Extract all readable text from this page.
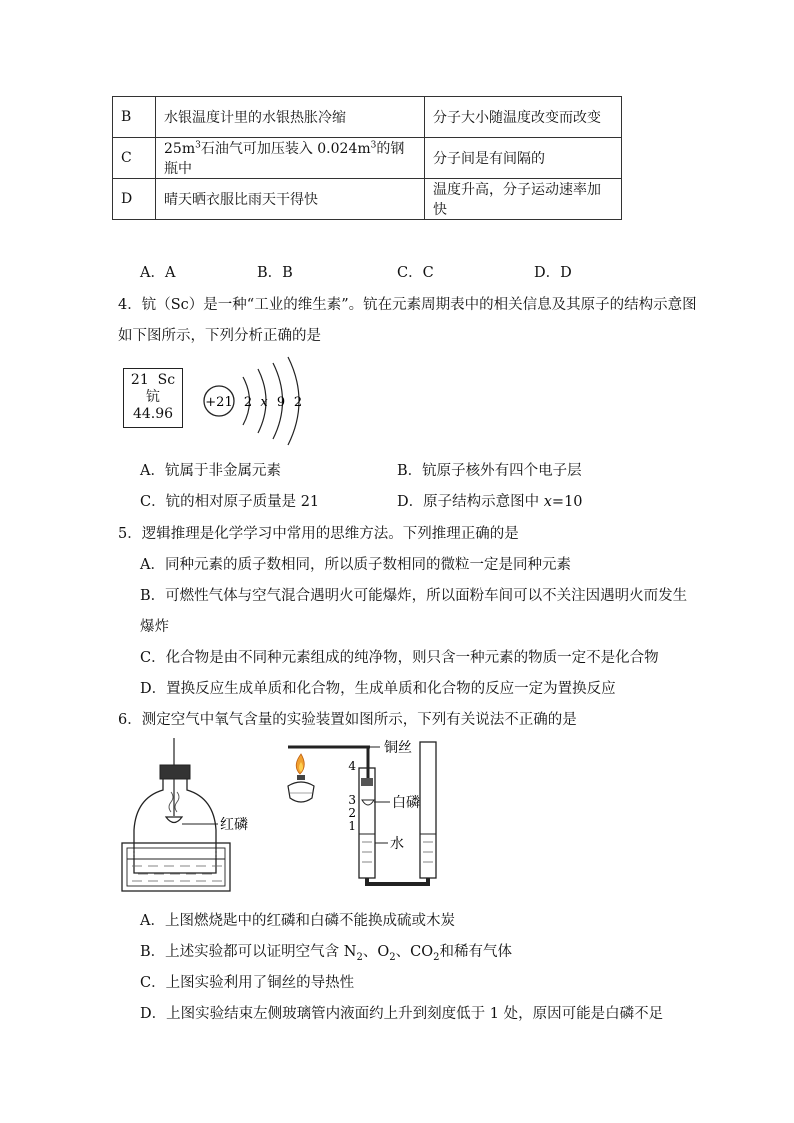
B	水银温度计里的水银热胀冷缩	分子大小随温度改变而改变
C	$25m^3$石油气可加压装入 $0.024m^3$的钢瓶中	分子间是有间隔的
D	晴天晒衣服比雨天干得快	温度升高，分子运动速率加快
A．A	B．B	C．C	D．D
4．钪（Sc）是一种“工业的维生素”。钪在元素周期表中的相关信息及其原子的结构示意图
如下图所示，下列分析正确的是
21 Sc
钪
44.96
+21 2 x 9 2
A．钪属于非金属元素	B．钪原子核外有四个电子层
C．钪的相对原子质量是 21	D．原子结构示意图中 x=10
5．逻辑推理是化学学习中常用的思维方法。下列推理正确的是
A．同种元素的质子数相同，所以质子数相同的微粒一定是同种元素
B．可燃性气体与空气混合遇明火可能爆炸，所以面粉车间可以不关注因遇明火而发生
爆炸
C．化合物是由不同种元素组成的纯净物，则只含一种元素的物质一定不是化合物
D．置换反应生成单质和化合物，生成单质和化合物的反应一定为置换反应
6．测定空气中氧气含量的实验装置如图所示，下列有关说法不正确的是
红磷
铜丝
4
3
2
1
白磷
水
A．上图燃烧匙中的红磷和白磷不能换成硫或木炭
B．上述实验都可以证明空气含 $N_2$、$O_2$、$CO_2$和稀有气体
C．上图实验利用了铜丝的导热性
D．上图实验结束左侧玻璃管内液面约上升到刻度低于 1 处，原因可能是白磷不足
